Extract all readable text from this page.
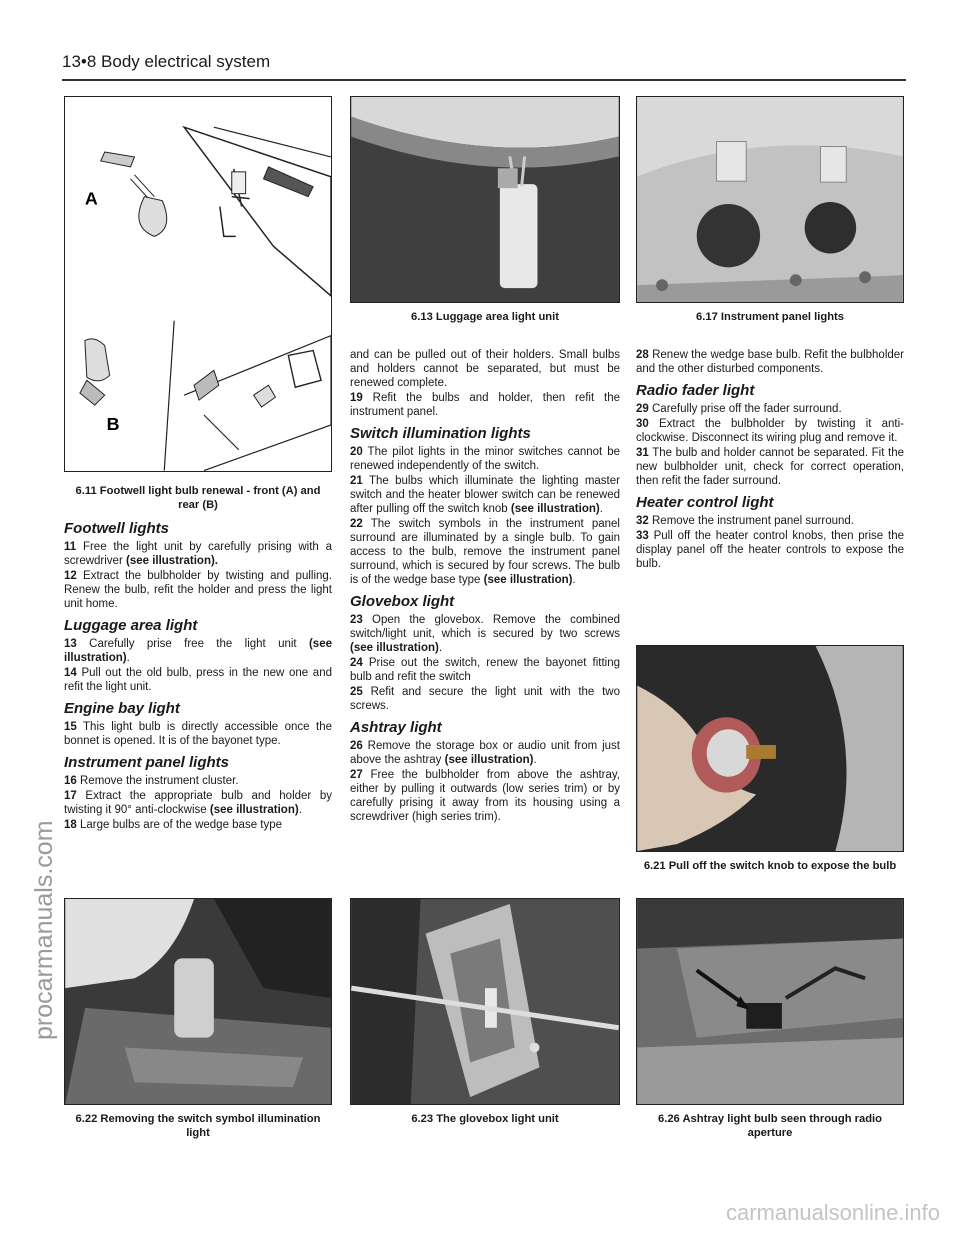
13•8 Body electrical system
A
B
6.11 Footwell light bulb renewal - front (A) and rear (B)
6.13 Luggage area light unit	6.17 Instrument panel lights
Footwell lights

11 Free the light unit by carefully prising with a screwdriver (see illustration).

12 Extract the bulbholder by twisting and pulling. Renew the bulb, refit the holder and press the light unit home.

Luggage area light

13 Carefully prise free the light unit (see illustration).

14 Pull out the old bulb, press in the new one and refit the light unit.

Engine bay light

15 This light bulb is directly accessible once the bonnet is opened. It is of the bayonet type.

Instrument panel lights

16 Remove the instrument cluster.

17 Extract the appropriate bulb and holder by twisting it 90° anti-clockwise (see illustration).

18 Large bulbs are of the wedge base type

and can be pulled out of their holders. Small bulbs and holders cannot be separated, but must be renewed complete.

19 Refit the bulbs and holder, then refit the instrument panel.

Switch illumination lights

20 The pilot lights in the minor switches cannot be renewed independently of the switch.

21 The bulbs which illuminate the lighting master switch and the heater blower switch can be renewed after pulling off the switch knob (see illustration).

22 The switch symbols in the instrument panel surround are illuminated by a single bulb. To gain access to the bulb, remove the instrument panel surround, which is secured by four screws. The bulb is of the wedge base type (see illustration).

Glovebox light

23 Open the glovebox. Remove the combined switch/light unit, which is secured by two screws (see illustration).

24 Prise out the switch, renew the bayonet fitting bulb and refit the switch

25 Refit and secure the light unit with the two screws.

Ashtray light

26 Remove the storage box or audio unit from just above the ashtray (see illustration).

27 Free the bulbholder from above the ashtray, either by pulling it outwards (low series trim) or by carefully prising it away from its housing using a screwdriver (high series trim).

28 Renew the wedge base bulb. Refit the bulbholder and the other disturbed components.

Radio fader light

29 Carefully prise off the fader surround.

30 Extract the bulbholder by twisting it anti-clockwise. Disconnect its wiring plug and remove it.

31 The bulb and holder cannot be separated. Fit the new bulbholder unit, check for correct operation, then refit the fader surround.

Heater control light

32 Remove the instrument panel surround.

33 Pull off the heater control knobs, then prise the display panel off the heater controls to expose the bulb.

6.21 Pull off the switch knob to expose the bulb
6.22 Removing the switch symbol illumination light
6.23 The glovebox light unit	6.26 Ashtray light bulb seen through radio aperture
procarmanuals.com
carmanualsonline.info
